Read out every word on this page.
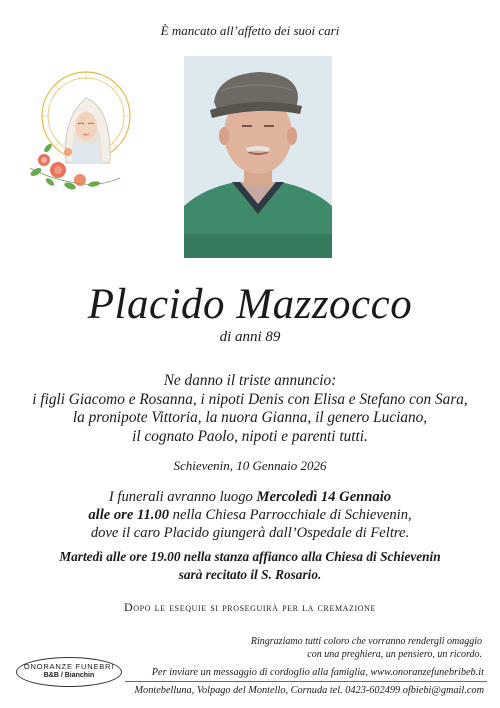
È mancato all’affetto dei suoi cari
Placido Mazzocco
di anni 89
Ne danno il triste annuncio:
i figli Giacomo e Rosanna, i nipoti Denis con Elisa e Stefano con Sara,
la pronipote Vittoria, la nuora Gianna, il genero Luciano,
il cognato Paolo, nipoti e parenti tutti.
Schievenin, 10 Gennaio 2026
I funerali avranno luogo Mercoledì 14 Gennaio
alle ore 11.00 nella Chiesa Parrocchiale di Schievenin,
dove il caro Placido giungerà dall’Ospedale di Feltre.
Martedì alle ore 19.00 nella stanza affianco alla Chiesa di Schievenin
sarà recitato il S. Rosario.
Dopo le esequie si proseguirà per la cremazione
Ringraziamo tutti coloro che vorranno rendergli omaggio
con una preghiera, un pensiero, un ricordo.
ONORANZE FUNEBRI
B&B / Bianchin	Per inviare un messaggio di cordoglio alla famiglia, www.onoranzefunebribeb.it
Montebelluna, Volpago del Montello, Cornuda tel. 0423-602499 ofbiebi@gmail.com
